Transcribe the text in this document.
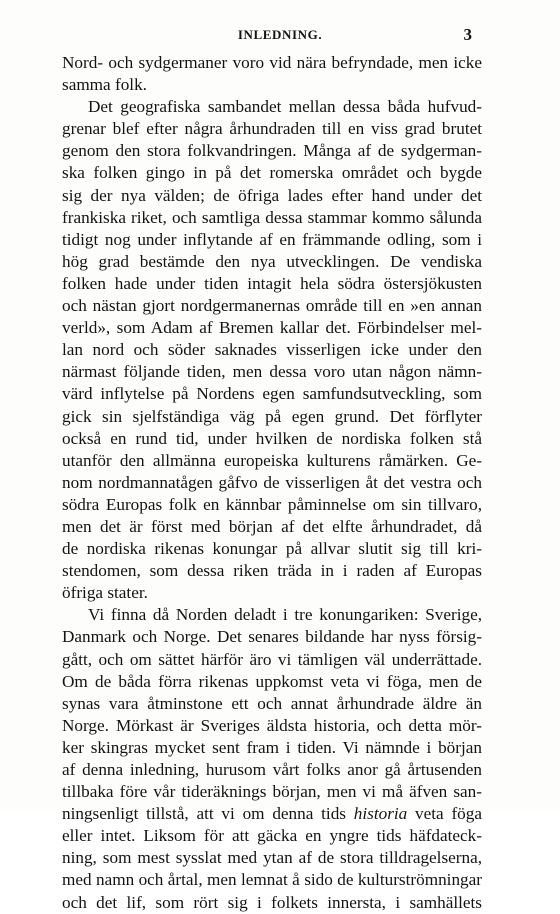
INLEDNING.	3
Nord- och sydgermaner voro vid nära befryndade, men icke
samma folk.
Det geografiska sambandet mellan dessa båda hufvud-
grenar blef efter några århundraden till en viss grad brutet
genom den stora folkvandringen. Många af de sydgerman-
ska folken gingo in på det romerska området och bygde
sig der nya välden; de öfriga lades efter hand under det
frankiska riket, och samtliga dessa stammar kommo sålunda
tidigt nog under inflytande af en främmande odling, som i
hög grad bestämde den nya utvecklingen. De vendiska
folken hade under tiden intagit hela södra östersjökusten
och nästan gjort nordgermanernas område till en »en annan
verld», som Adam af Bremen kallar det. Förbindelser mel-
lan nord och söder saknades visserligen icke under den
närmast följande tiden, men dessa voro utan någon nämn-
värd inflytelse på Nordens egen samfundsutveckling, som
gick sin sjelfständiga väg på egen grund. Det förflyter
också en rund tid, under hvilken de nordiska folken stå
utanför den allmänna europeiska kulturens råmärken. Ge-
nom nordmannatågen gåfvo de visserligen åt det vestra och
södra Europas folk en kännbar påminnelse om sin tillvaro,
men det är först med början af det elfte århundradet, då
de nordiska rikenas konungar på allvar slutit sig till kri-
stendomen, som dessa riken träda in i raden af Europas
öfriga stater.
Vi finna då Norden deladt i tre konungariken: Sverige,
Danmark och Norge. Det senares bildande har nyss försig-
gått, och om sättet härför äro vi tämligen väl underrättade.
Om de båda förra rikenas uppkomst veta vi föga, men de
synas vara åtminstone ett och annat århundrade äldre än
Norge. Mörkast är Sveriges äldsta historia, och detta mör-
ker skingras mycket sent fram i tiden. Vi nämnde i början
af denna inledning, hurusom vårt folks anor gå årtusenden
tillbaka före vår tideräknings början, men vi må äfven san-
ningsenligt tillstå, att vi om denna tids historia veta föga
eller intet. Liksom för att gäcka en yngre tids häfdateck-
ning, som mest sysslat med ytan af de stora tilldragelserna,
med namn och årtal, men lemnat å sido de kulturströmningar
och det lif, som rört sig i folkets innersta, i samhällets
